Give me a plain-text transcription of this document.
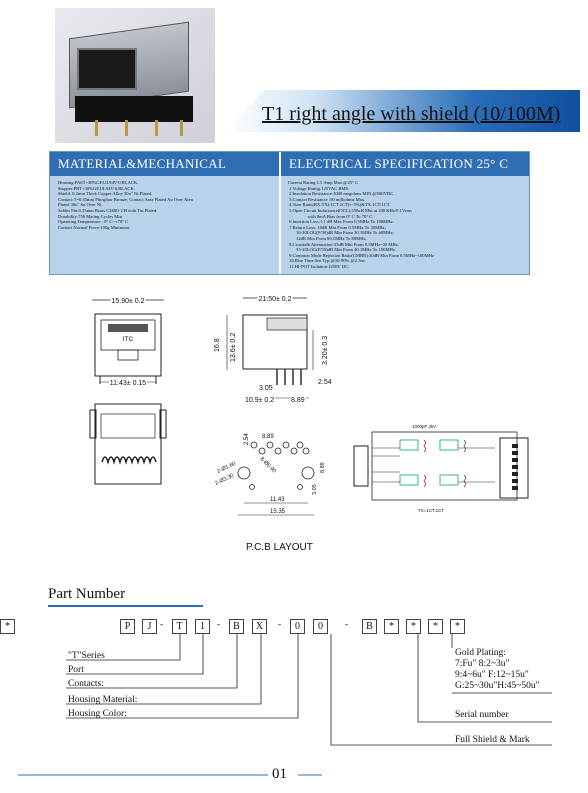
T1 right angle with shield (10/100M)
MATERIAL&MECHANICAL	ELECTRICAL SPECIFICATION 25° C
Housing:PA6T+30%GF,UL94V-0,BLACK.
Stopper:PBT+30%GF,UL94V-0,BLACK.
Shield: 0.2mm Thick Copper Alloy 30u" Ni Plated.
Contact:T=0.35mm Phosphor Bronze, Contact Area Plated Au Over Area
Plated 30u" Sn Over Ni.
Solder Pin:0.35mm Brass C2680-1/H with Tin Plated.
Durability:750 Mating Cycles Min.
Operating Temperature : 0° C~+70° C
Contact Normal Force:100g Minimum.
Current Rating:1.5 Amp Max.@25° C
1.Voltage Rating:125VAC RMS.
2.Insulation Resistance:1000 megohms MIN.@500VDC.
3.Contact Resistance :50 milliohms Max.
4.Turn Ratio(RX:TX):1CT:1CT(+-5%)&TX:1CT:1CT.
5.Open Circuit Inductance(OCL):350uH Min at 100 KHz/0.1Vrms
with 8mA Bias from 0° C To 70° C.
6.Insertion Loss:1.1 dB Max From 0.5MHz To 100MHz.
7.Return Loss: 18dB Min From 0.5MHz To 30MHz;
16-20LOG(F/30)dB Min From 30.1MHz To 60MHz;
12dB Min From 60.1MHz To 80MHz.
8.Crosstalk Attenuation:35dB Min From 0.5MHz~40 MHz;
35-20LOG(F/50)dB Min From 40.1MHz To 100MHz.
9.Common Mode Rejection Ratio(CMRR):30dB Min From 0.5MHz~100MHz
10.Rise Time:5ns Typ.@10-90% @2.5ns.
11.HI-POT Isolation:2250V DC.
15.90± 0.2
ITC
11.43± 0.15
21.50± 0.2
16.8 13.6± 0.2	3.20± 0.3
3.05
2.54
10.9± 0.2 8.89
8.89
2.54
2-Ø3.30
2-Ø1.60	8-Ø0.90	8.89
3.05
11.43
15.35
1000pF 2kV
TX=1CT:1CT
P.C.B LAYOUT
Part Number
P	J	T	1	B	X	0	0	B	*	*	*	*
*	-	-	-	-
"T"Series
Port
Contacts:
Housing Material:
Housing Color:
Gold Plating:
7:Fu" 8:2~3u"
9:4~6u" F:12~15u"
G:25~30u"H:45~50u"
Serial number
Full Shield & Mark
01
